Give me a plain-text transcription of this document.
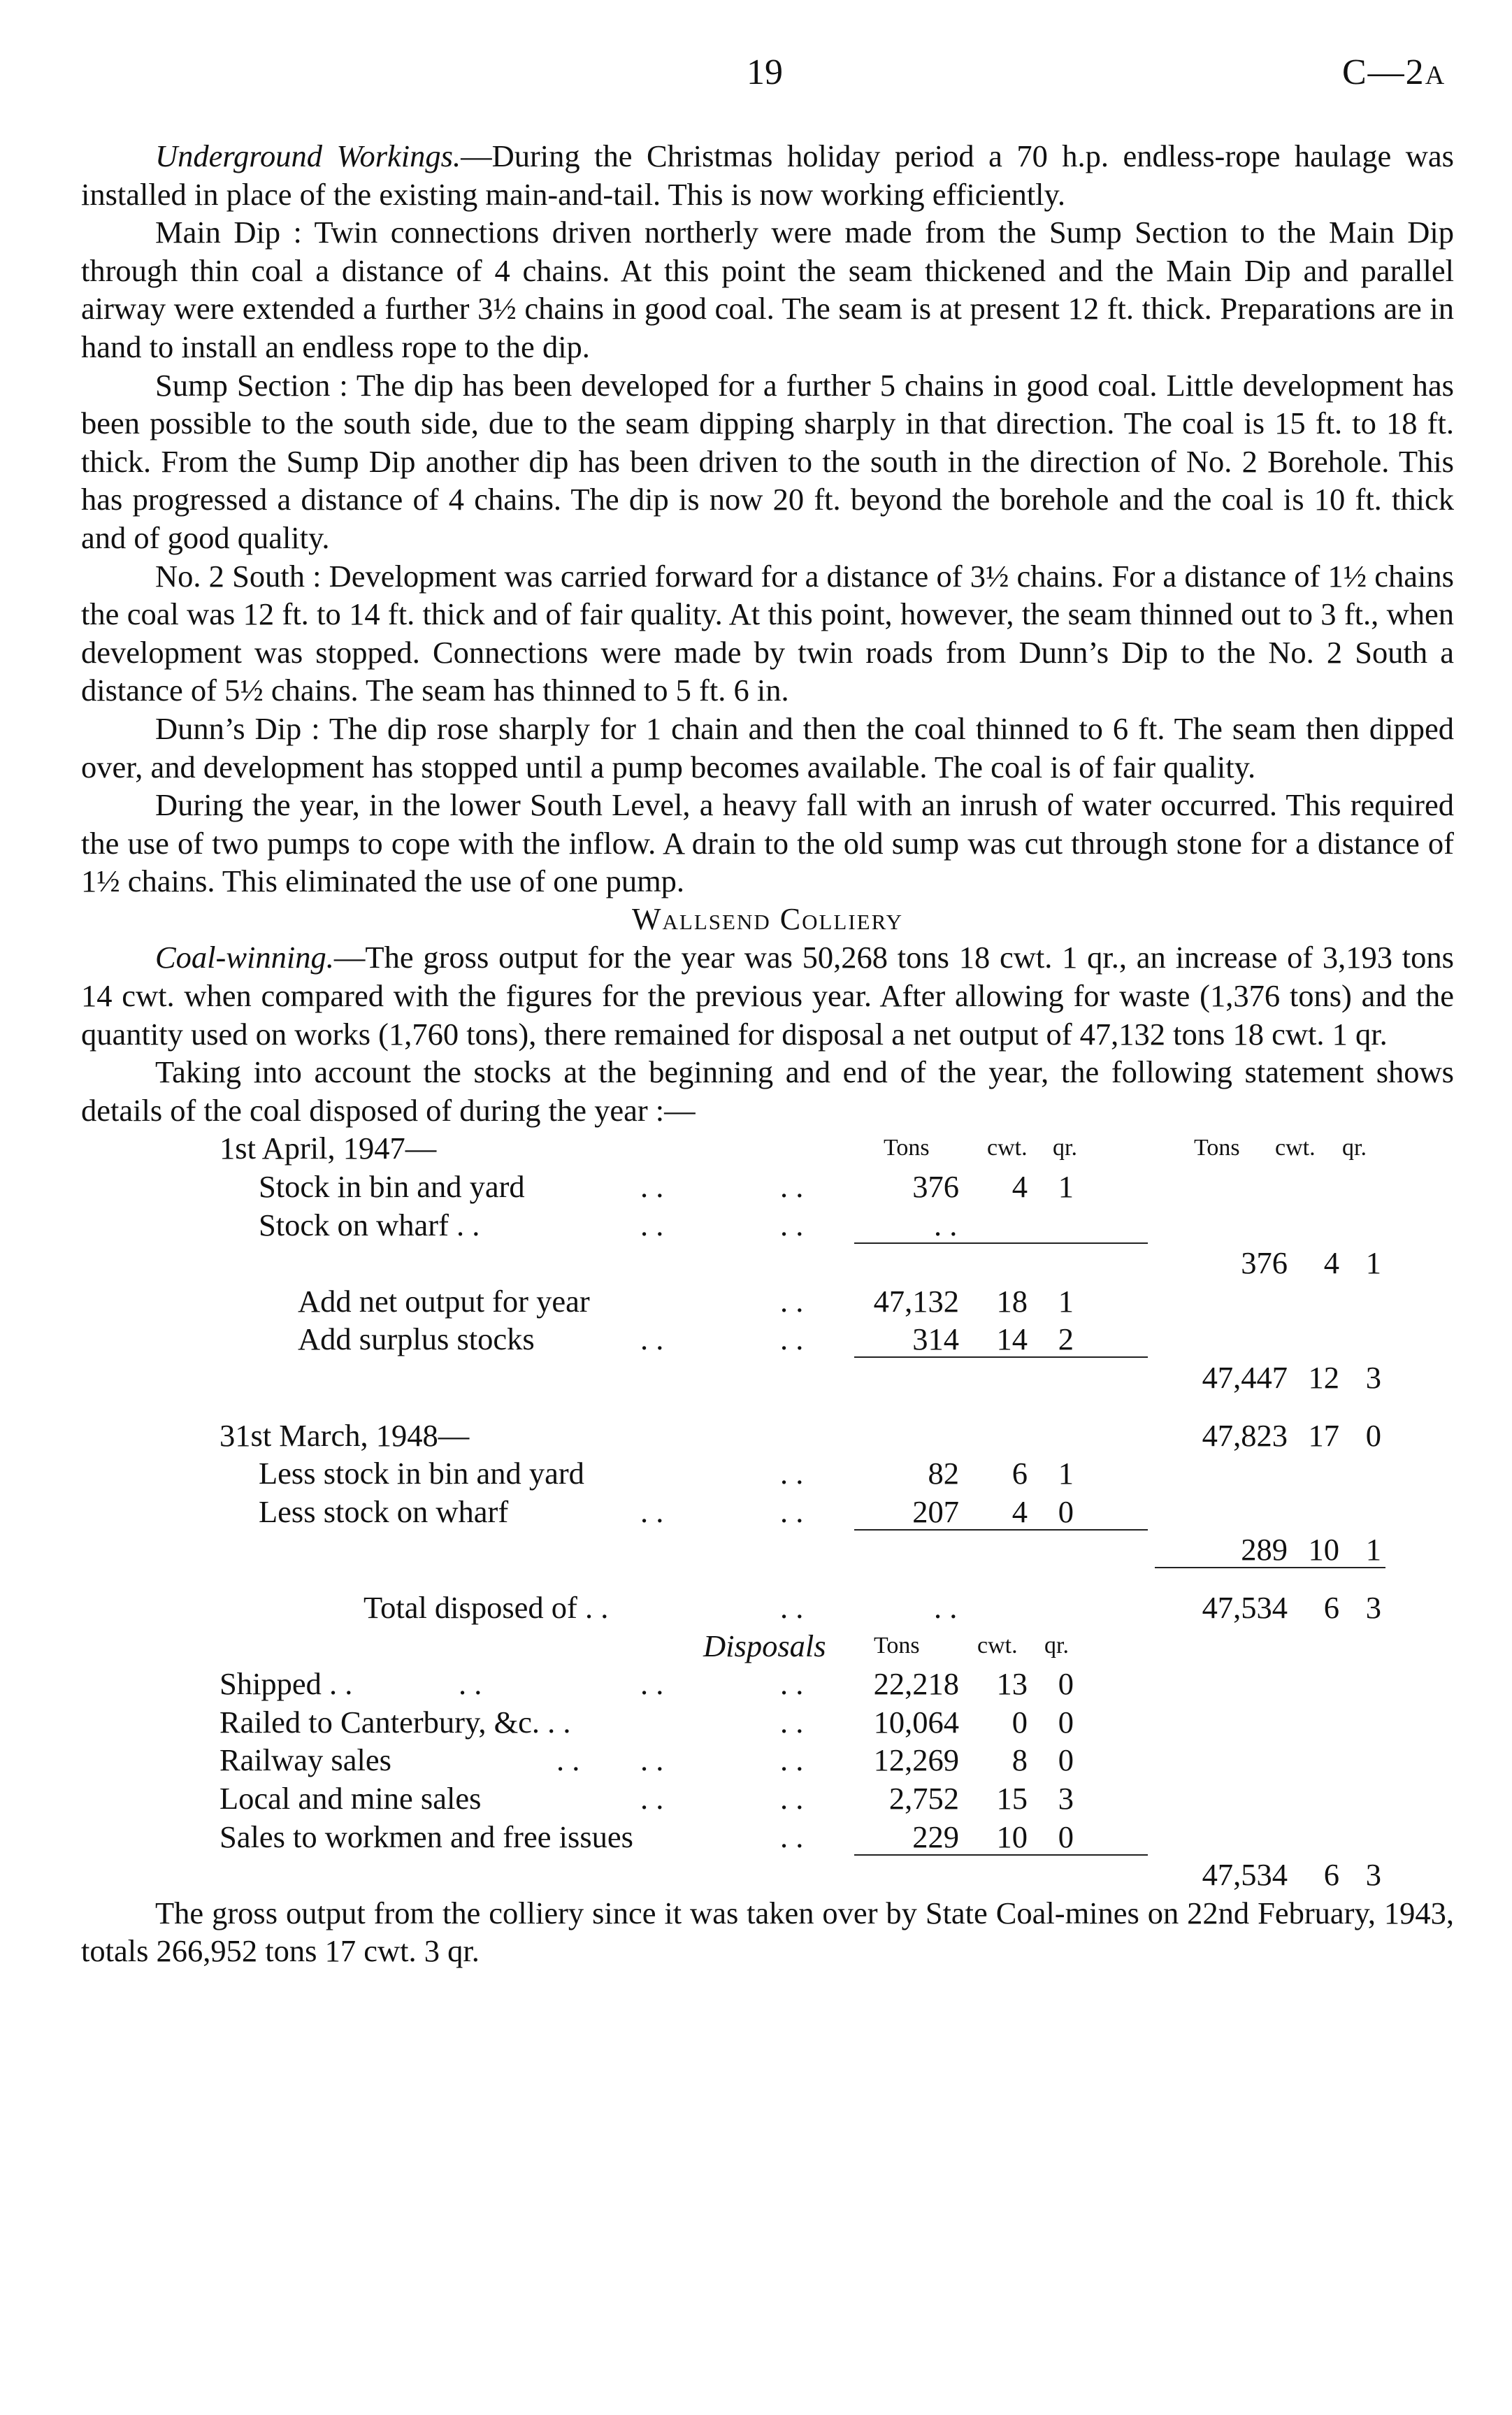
19	C—2A

Underground Workings.—During the Christmas holiday period a 70 h.p. endless-rope haulage was installed in place of the existing main-and-tail. This is now working efficiently.

Main Dip : Twin connections driven northerly were made from the Sump Section to the Main Dip through thin coal a distance of 4 chains. At this point the seam thickened and the Main Dip and parallel airway were extended a further 3½ chains in good coal. The seam is at present 12 ft. thick. Preparations are in hand to install an endless rope to the dip.

Sump Section : The dip has been developed for a further 5 chains in good coal. Little development has been possible to the south side, due to the seam dipping sharply in that direction. The coal is 15 ft. to 18 ft. thick. From the Sump Dip another dip has been driven to the south in the direction of No. 2 Borehole. This has progressed a distance of 4 chains. The dip is now 20 ft. beyond the borehole and the coal is 10 ft. thick and of good quality.

No. 2 South : Development was carried forward for a distance of 3½ chains. For a distance of 1½ chains the coal was 12 ft. to 14 ft. thick and of fair quality. At this point, however, the seam thinned out to 3 ft., when development was stopped. Connections were made by twin roads from Dunn’s Dip to the No. 2 South a distance of 5½ chains. The seam has thinned to 5 ft. 6 in.

Dunn’s Dip : The dip rose sharply for 1 chain and then the coal thinned to 6 ft. The seam then dipped over, and development has stopped until a pump becomes available. The coal is of fair quality.

During the year, in the lower South Level, a heavy fall with an inrush of water occurred. This required the use of two pumps to cope with the inflow. A drain to the old sump was cut through stone for a distance of 1½ chains. This eliminated the use of one pump.

Wallsend Colliery

Coal-winning.—The gross output for the year was 50,268 tons 18 cwt. 1 qr., an increase of 3,193 tons 14 cwt. when compared with the figures for the previous year. After allowing for waste (1,376 tons) and the quantity used on works (1,760 tons), there remained for disposal a net output of 47,132 tons 18 cwt. 1 qr.

Taking into account the stocks at the beginning and end of the year, the following statement shows details of the coal disposed of during the year :—

1st April, 1947—	Tons cwt. qr.	Tons cwt. qr.
Stock in bin and yard	. .	. .	376	4 1
Stock on wharf . .	. .	. .	. .
376	4 1
Add net output for year	. .	47,132	18 1
Add surplus stocks	. .	. .	314	14 2
47,447 12 3
31st March, 1948—	47,823 17 0
Less stock in bin and yard	. .	82	6 1
Less stock on wharf	. .	. .	207	4 0
289 10 1
Total disposed of . .	. .	. .	47,534	6 3
Disposals Tons cwt. qr.
Shipped . .	. .	. .	. .	22,218	13 0
Railed to Canterbury, &c. . .	. .	10,064	0 0
Railway sales	. . . .	. .	12,269	8 0
Local and mine sales	. .	. .	2,752	15 3
Sales to workmen and free issues	. .	229	10 0
47,534	6 3

The gross output from the colliery since it was taken over by State Coal-mines on 22nd February, 1943, totals 266,952 tons 17 cwt. 3 qr.
